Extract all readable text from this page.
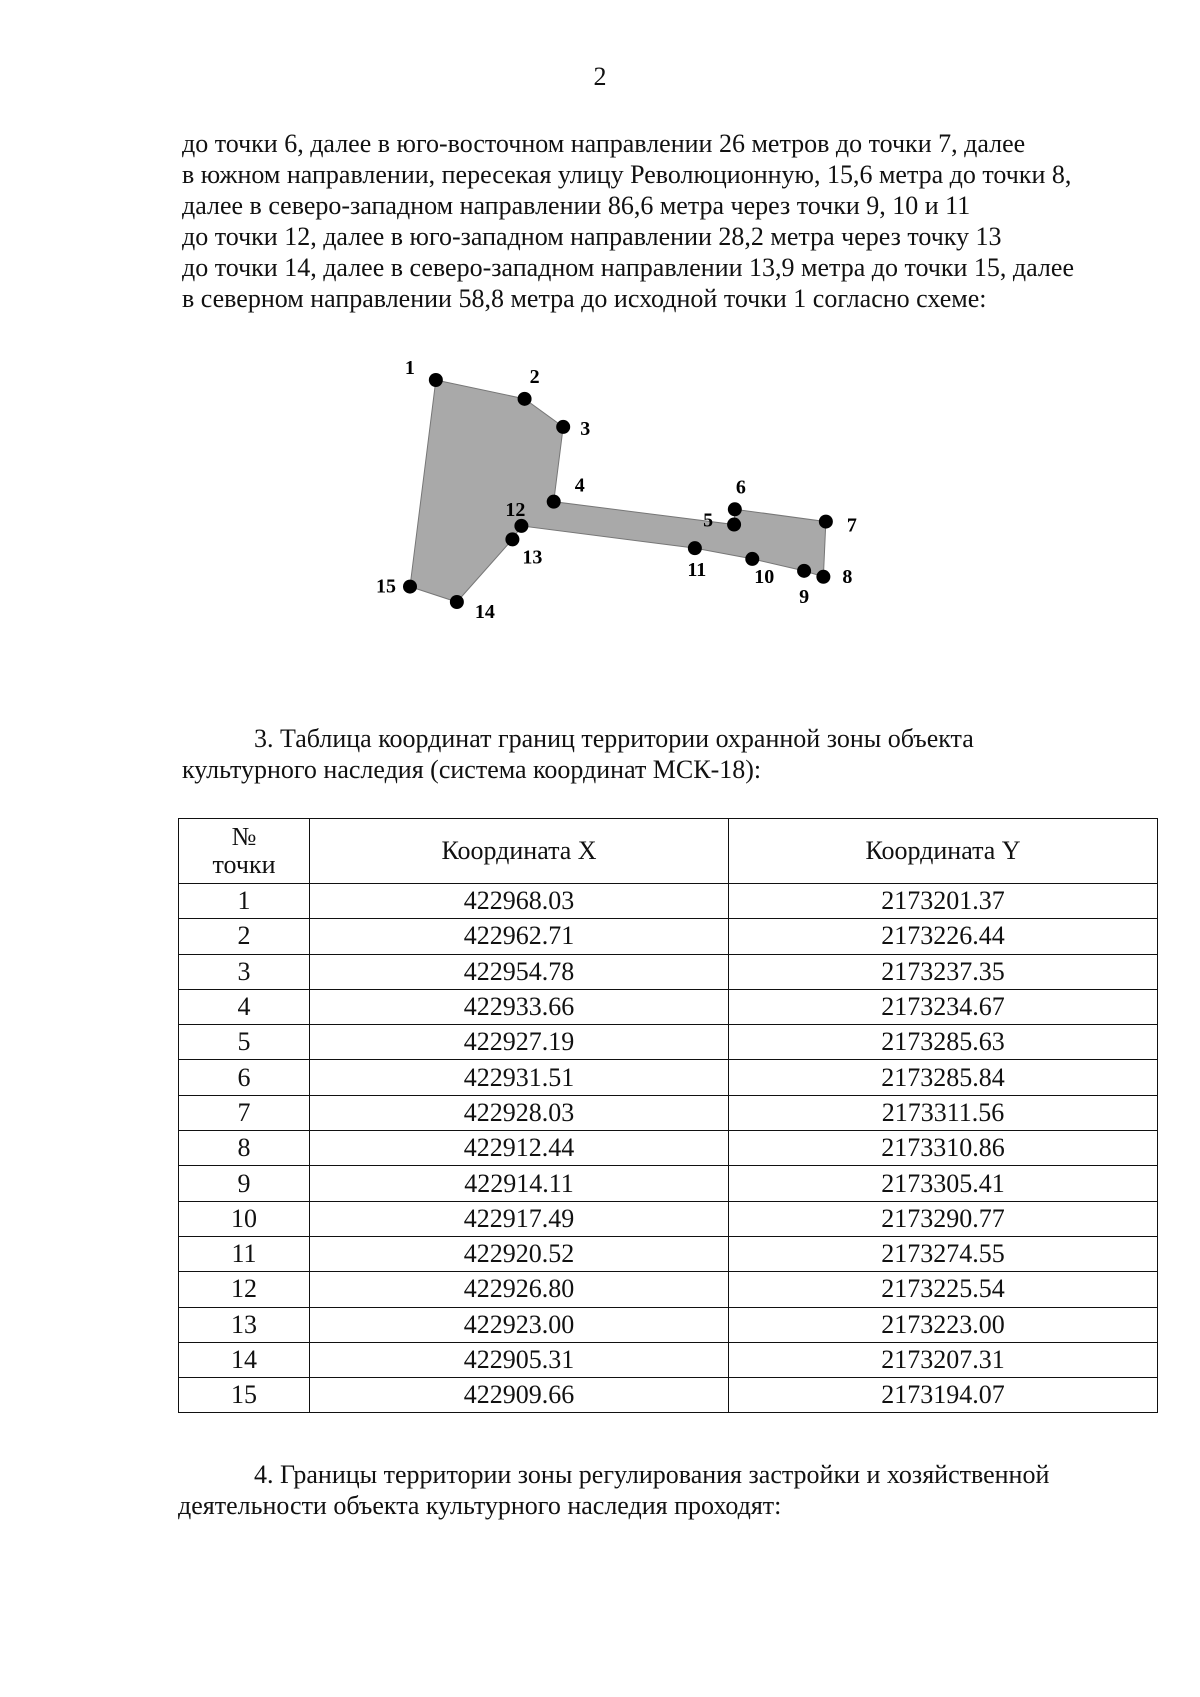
2

до точки 6, далее в юго-восточном направлении 26 метров до точки 7, далее

в южном направлении, пересекая улицу Революционную, 15,6 метра до точки 8,

далее в северо-западном направлении 86,6 метра через точки 9, 10 и 11

до точки 12, далее в юго-западном направлении 28,2 метра через точку 13

до точки 14, далее в северо-западном направлении 13,9 метра до точки 15, далее

в северном направлении 58,8 метра до исходной точки 1 согласно схеме:

1	2
3
4
5
6
7
8
9
10
11
12
13
14
15

3. Таблица координат границ территории охранной зоны объекта

культурного наследия (система координат МСК-18):

№
точки	Координата X	Координата Y
1	422968.03	2173201.37
2	422962.71	2173226.44
3	422954.78	2173237.35
4	422933.66	2173234.67
5	422927.19	2173285.63
6	422931.51	2173285.84
7	422928.03	2173311.56
8	422912.44	2173310.86
9	422914.11	2173305.41
10	422917.49	2173290.77
11	422920.52	2173274.55
12	422926.80	2173225.54
13	422923.00	2173223.00
14	422905.31	2173207.31
15	422909.66	2173194.07

4. Границы территории зоны регулирования застройки и хозяйственной

деятельности объекта культурного наследия проходят:
